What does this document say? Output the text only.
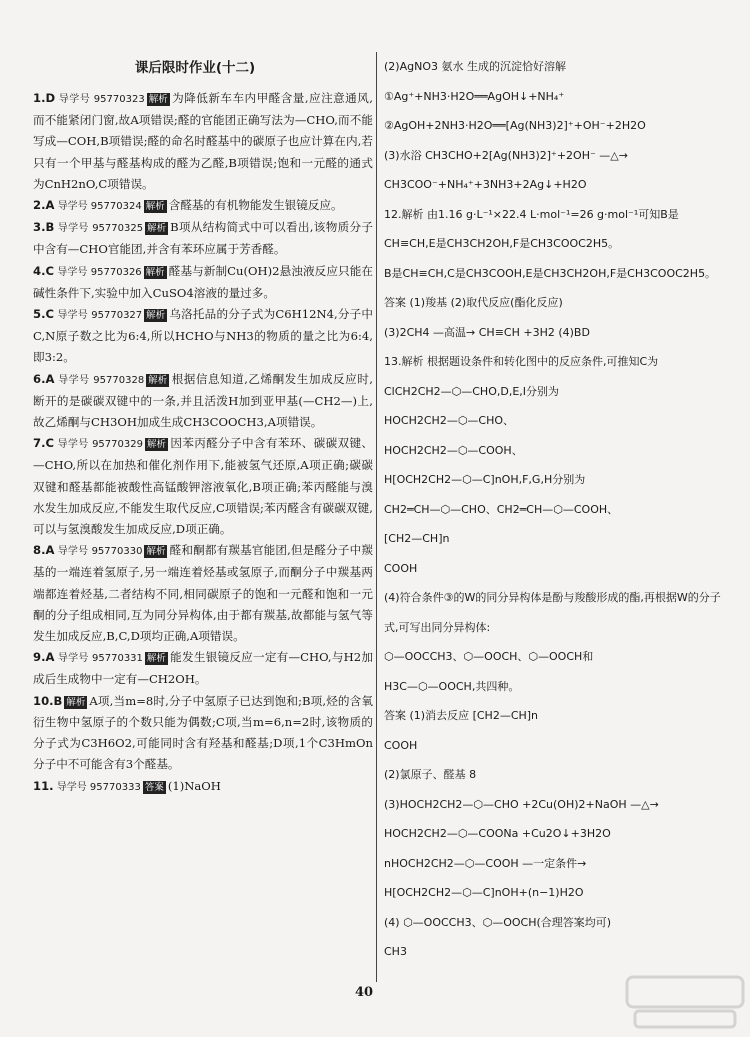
课后限时作业(十二)

1.D 导学号 95770323 解析 为降低新车车内甲醛含量,应注意通风,而不能紧闭门窗,故A项错误;醛的官能团正确写法为—CHO,而不能写成—COH,B项错误;醛的命名时醛基中的碳原子也应计算在内,若只有一个甲基与醛基构成的醛为乙醛,B项错误;饱和一元醛的通式为CnH2nO,C项错误。

2.A 导学号 95770324 解析 含醛基的有机物能发生银镜反应。

3.B 导学号 95770325 解析 B项从结构简式中可以看出,该物质分子中含有—CHO官能团,并含有苯环应属于芳香醛。

4.C 导学号 95770326 解析 醛基与新制Cu(OH)2悬浊液反应只能在碱性条件下,实验中加入CuSO4溶液的量过多。

5.C 导学号 95770327 解析 乌洛托品的分子式为C6H12N4,分子中C,N原子数之比为6:4,所以HCHO与NH3的物质的量之比为6:4,即3:2。

6.A 导学号 95770328 解析 根据信息知道,乙烯酮发生加成反应时,断开的是碳碳双键中的一条,并且活泼H加到亚甲基(—CH2—)上,故乙烯酮与CH3OH加成生成CH3COOCH3,A项错误。

7.C 导学号 95770329 解析 因苯丙醛分子中含有苯环、碳碳双键、—CHO,所以在加热和催化剂作用下,能被氢气还原,A项正确;碳碳双键和醛基都能被酸性高锰酸钾溶液氧化,B项正确;苯丙醛能与溴水发生加成反应,不能发生取代反应,C项错误;苯丙醛含有碳碳双键,可以与氢溴酸发生加成反应,D项正确。

8.A 导学号 95770330 解析 醛和酮都有羰基官能团,但是醛分子中羰基的一端连着氢原子,另一端连着烃基或氢原子,而酮分子中羰基两端都连着烃基,二者结构不同,相同碳原子的饱和一元醛和饱和一元酮的分子组成相同,互为同分异构体,由于都有羰基,故都能与氢气等发生加成反应,B,C,D项均正确,A项错误。

9.A 导学号 95770331 解析 能发生银镜反应一定有—CHO,与H2加成后生成物中一定有—CH2OH。

10.B 解析 A项,当m=8时,分子中氢原子已达到饱和;B项,烃的含氧衍生物中氢原子的个数只能为偶数;C项,当m=6,n=2时,该物质的分子式为C3H6O2,可能同时含有羟基和醛基;D项,1个C3HmOn分子中不可能含有3个醛基。

11. 导学号 95770333 答案 (1)NaOH

(2)AgNO3 氨水 生成的沉淀恰好溶解
①Ag⁺+NH3·H2O══AgOH↓+NH₄⁺
②AgOH+2NH3·H2O══[Ag(NH3)2]⁺+OH⁻+2H2O
(3)水浴 CH3CHO+2[Ag(NH3)2]⁺+2OH⁻ —△→
CH3COO⁻+NH₄⁺+3NH3+2Ag↓+H2O
12.解析 由1.16 g·L⁻¹×22.4 L·mol⁻¹=26 g·mol⁻¹可知B是CH≡CH,E是CH3CH2OH,F是CH3COOC2H5。
B是CH≡CH,C是CH3COOH,E是CH3CH2OH,F是CH3COOC2H5。
答案 (1)羧基 (2)取代反应(酯化反应)
(3)2CH4 —高温→ CH≡CH +3H2 (4)BD
13.解析 根据题设条件和转化图中的反应条件,可推知C为
ClCH2CH2—⬡—CHO,D,E,I分别为
HOCH2CH2—⬡—CHO、
HOCH2CH2—⬡—COOH、
H[OCH2CH2—⬡—C]nOH,F,G,H分别为
CH2═CH—⬡—CHO、CH2═CH—⬡—COOH、
[CH2—CH]n
COOH
(4)符合条件③的W的同分异构体是酚与羧酸形成的酯,再根据W的分子式,可写出同分异构体:
⬡—OOCCH3、⬡—OOCH、⬡—OOCH和
H3C—⬡—OOCH,共四种。
答案 (1)消去反应 [CH2—CH]n
COOH
(2)氯原子、醛基 8
(3)HOCH2CH2—⬡—CHO +2Cu(OH)2+NaOH —△→
HOCH2CH2—⬡—COONa +Cu2O↓+3H2O
nHOCH2CH2—⬡—COOH —一定条件→
H[OCH2CH2—⬡—C]nOH+(n−1)H2O
(4) ⬡—OOCCH3、⬡—OOCH(合理答案均可)
CH3
40
